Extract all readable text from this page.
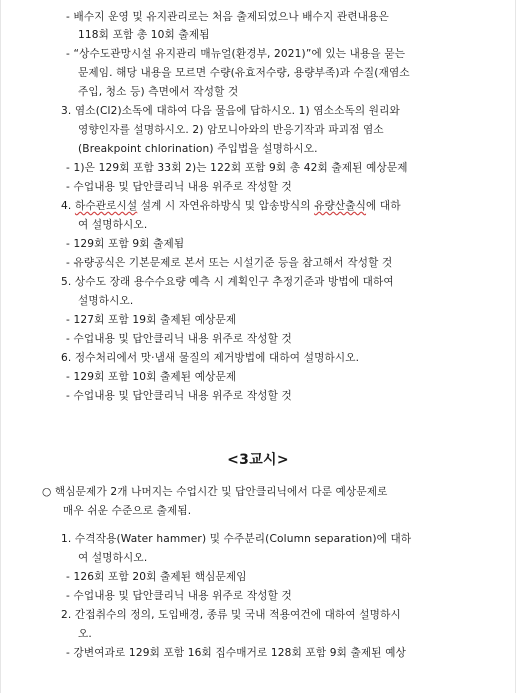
- 배수지 운영 및 유지관리로는 처음 출제되었으나 배수지 관련내용은
118회 포함 총 10회 출제됨
- “상수도관망시설 유지관리 매뉴얼(환경부, 2021)”에 있는 내용을 묻는
문제임. 해당 내용을 모르면 수량(유효저수량, 용량부족)과 수질(재염소
주입, 청소 등) 측면에서 작성할 것
3. 염소(Cl2)소독에 대하여 다음 물음에 답하시오. 1) 염소소독의 원리와
영향인자를 설명하시오. 2) 암모니아와의 반응기작과 파괴점 염소
(Breakpoint chlorination) 주입법을 설명하시오.
- 1)은 129회 포함 33회 2)는 122회 포함 9회 총 42회 출제된 예상문제
- 수업내용 및 답안클리닉 내용 위주로 작성할 것
4. 하수관로시설 설계 시 자연유하방식 및 압송방식의 유량산출식에 대하
여 설명하시오.
- 129회 포함 9회 출제됨
- 유량공식은 기본문제로 본서 또는 시설기준 등을 참고해서 작성할 것
5. 상수도 장래 용수수요량 예측 시 계획인구 추정기준과 방법에 대하여
설명하시오.
- 127회 포함 19회 출제된 예상문제
- 수업내용 및 답안클리닉 내용 위주로 작성할 것
6. 정수처리에서 맛·냄새 물질의 제거방법에 대하여 설명하시오.
- 129회 포함 10회 출제된 예상문제
- 수업내용 및 답안클리닉 내용 위주로 작성할 것
<3교시>
○ 핵심문제가 2개 나머지는 수업시간 및 답안클리닉에서 다룬 예상문제로
매우 쉬운 수준으로 출제됨.
1. 수격작용(Water hammer) 및 수주분리(Column separation)에 대하
여 설명하시오.
- 126회 포함 20회 출제된 핵심문제임
- 수업내용 및 답안클리닉 내용 위주로 작성할 것
2. 간접취수의 정의, 도입배경, 종류 및 국내 적용여건에 대하여 설명하시
오.
- 강변여과로 129회 포함 16회 집수매거로 128회 포함 9회 출제된 예상
